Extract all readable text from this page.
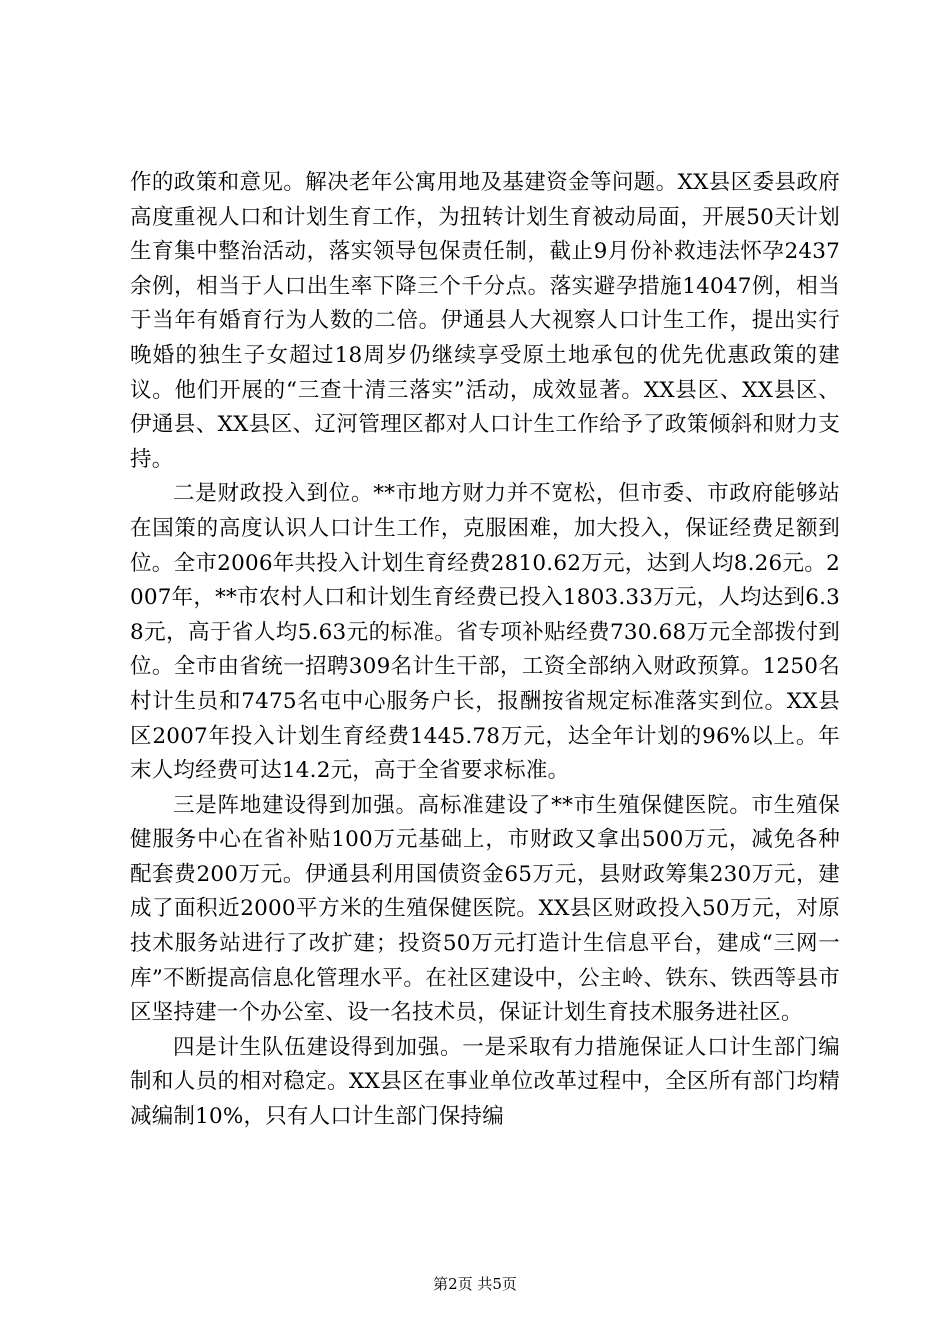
作的政策和意见。解决老年公寓用地及基建资金等问题。XX县区委县政府高度重视人口和计划生育工作，为扭转计划生育被动局面，开展50天计划生育集中整治活动，落实领导包保责任制，截止9月份补救违法怀孕2437余例，相当于人口出生率下降三个千分点。落实避孕措施14047例，相当于当年有婚育行为人数的二倍。伊通县人大视察人口计生工作，提出实行晚婚的独生子女超过18周岁仍继续享受原土地承包的优先优惠政策的建议。他们开展的“三查十清三落实”活动，成效显著。XX县区、XX县区、伊通县、XX县区、辽河管理区都对人口计生工作给予了政策倾斜和财力支持。

二是财政投入到位。**市地方财力并不宽松，但市委、市政府能够站在国策的高度认识人口计生工作，克服困难，加大投入，保证经费足额到位。全市2006年共投入计划生育经费2810.62万元，达到人均8.26元。2007年，**市农村人口和计划生育经费已投入1803.33万元，人均达到6.38元，高于省人均5.63元的标准。省专项补贴经费730.68万元全部拨付到位。全市由省统一招聘309名计生干部，工资全部纳入财政预算。1250名村计生员和7475名屯中心服务户长，报酬按省规定标准落实到位。XX县区2007年投入计划生育经费1445.78万元，达全年计划的96%以上。年末人均经费可达14.2元，高于全省要求标准。

三是阵地建设得到加强。高标准建设了**市生殖保健医院。市生殖保健服务中心在省补贴100万元基础上，市财政又拿出500万元，减免各种配套费200万元。伊通县利用国债资金65万元，县财政筹集230万元，建成了面积近2000平方米的生殖保健医院。XX县区财政投入50万元，对原技术服务站进行了改扩建；投资50万元打造计生信息平台，建成“三网一库”不断提高信息化管理水平。在社区建设中，公主岭、铁东、铁西等县市区坚持建一个办公室、设一名技术员，保证计划生育技术服务进社区。

四是计生队伍建设得到加强。一是采取有力措施保证人口计生部门编制和人员的相对稳定。XX县区在事业单位改革过程中，全区所有部门均精减编制10%，只有人口计生部门保持编

第2页 共5页
